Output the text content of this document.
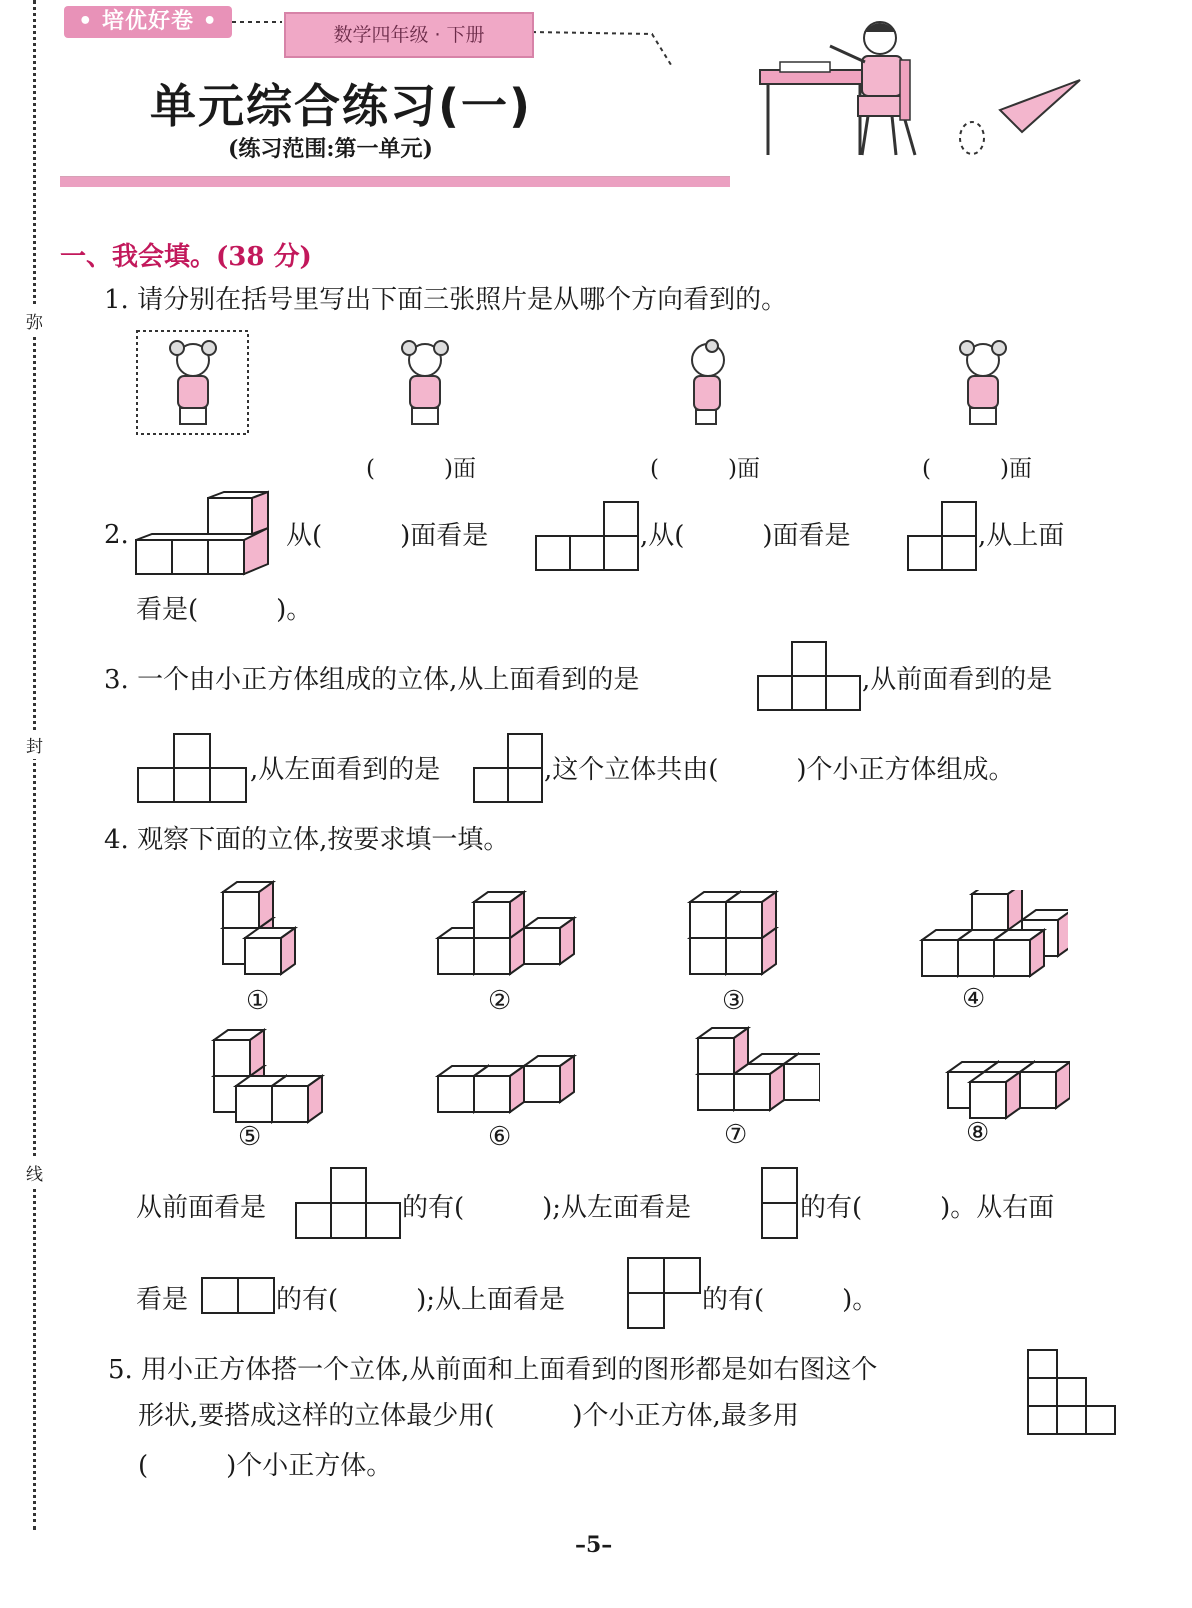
弥
封
线
• 培优好卷 •
数学四年级 · 下册
单元综合练习(一)
(练习范围:第一单元)
一、我会填。(38 分)
1. 请分别在括号里写出下面三张照片是从哪个方向看到的。
(　　　)面	(　　　)面	(　　　)面
2.	从(　　　)面看是	,从(　　　)面看是	,从上面
看是(　　　)。
3. 一个由小正方体组成的立体,从上面看到的是	,从前面看到的是
,从左面看到的是	,这个立体共由(　　　)个小正方体组成。
4. 观察下面的立体,按要求填一填。
①	②	③	④
⑤	⑥	⑦	⑧
从前面看是	的有(　　　);从左面看是	的有(　　　)。从右面
看是	的有(　　　);从上面看是	的有(　　　)。
5. 用小正方体搭一个立体,从前面和上面看到的图形都是如右图这个
形状,要搭成这样的立体最少用(　　　)个小正方体,最多用
(　　　)个小正方体。
–5–
